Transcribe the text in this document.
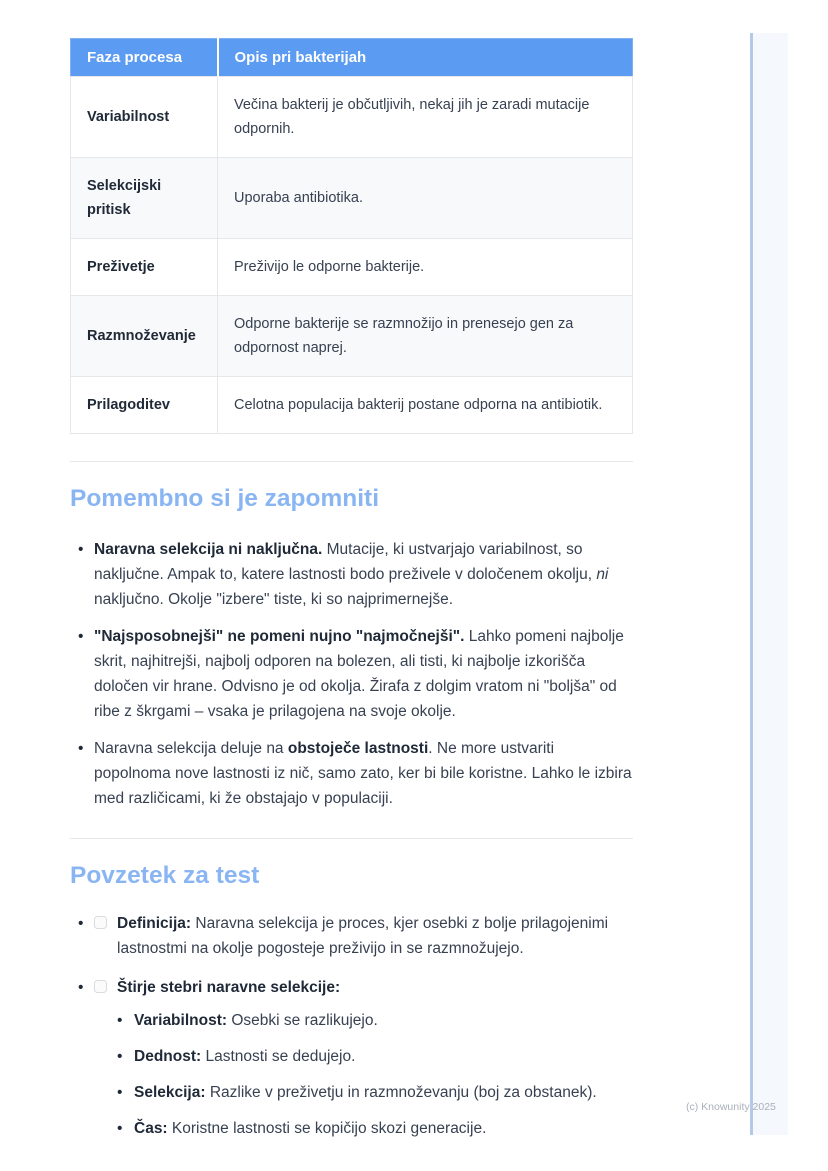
Faza procesa	Opis pri bakterijah
Variabilnost	Večina bakterij je občutljivih, nekaj jih je zaradi mutacije odpornih.
Selekcijski pritisk	Uporaba antibiotika.
Preživetje	Preživijo le odporne bakterije.
Razmnoževanje	Odporne bakterije se razmnožijo in prenesejo gen za odpornost naprej.
Prilagoditev	Celotna populacija bakterij postane odporna na antibiotik.
Pomembno si je zapomniti
• Naravna selekcija ni naključna. Mutacije, ki ustvarjajo variabilnost, so naključne. Ampak to, katere lastnosti bodo preživele v določenem okolju, ni naključno. Okolje "izbere" tiste, ki so najprimernejše.
• "Najsposobnejši" ne pomeni nujno "najmočnejši". Lahko pomeni najbolje skrit, najhitrejši, najbolj odporen na bolezen, ali tisti, ki najbolje izkorišča določen vir hrane. Odvisno je od okolja. Žirafa z dolgim vratom ni "boljša" od ribe z škrgami – vsaka je prilagojena na svoje okolje.
• Naravna selekcija deluje na obstoječe lastnosti. Ne more ustvariti popolnoma nove lastnosti iz nič, samo zato, ker bi bile koristne. Lahko le izbira med različicami, ki že obstajajo v populaciji.
Povzetek za test
•	Definicija: Naravna selekcija je proces, kjer osebki z bolje prilagojenimi lastnostmi na okolje pogosteje preživijo in se razmnožujejo.
•	Štirje stebri naravne selekcije:
• Variabilnost: Osebki se razlikujejo.
• Dednost: Lastnosti se dedujejo.
• Selekcija: Razlike v preživetju in razmnoževanju (boj za obstanek).
• Čas: Koristne lastnosti se kopičijo skozi generacije.
(c) Knowunity 2025
